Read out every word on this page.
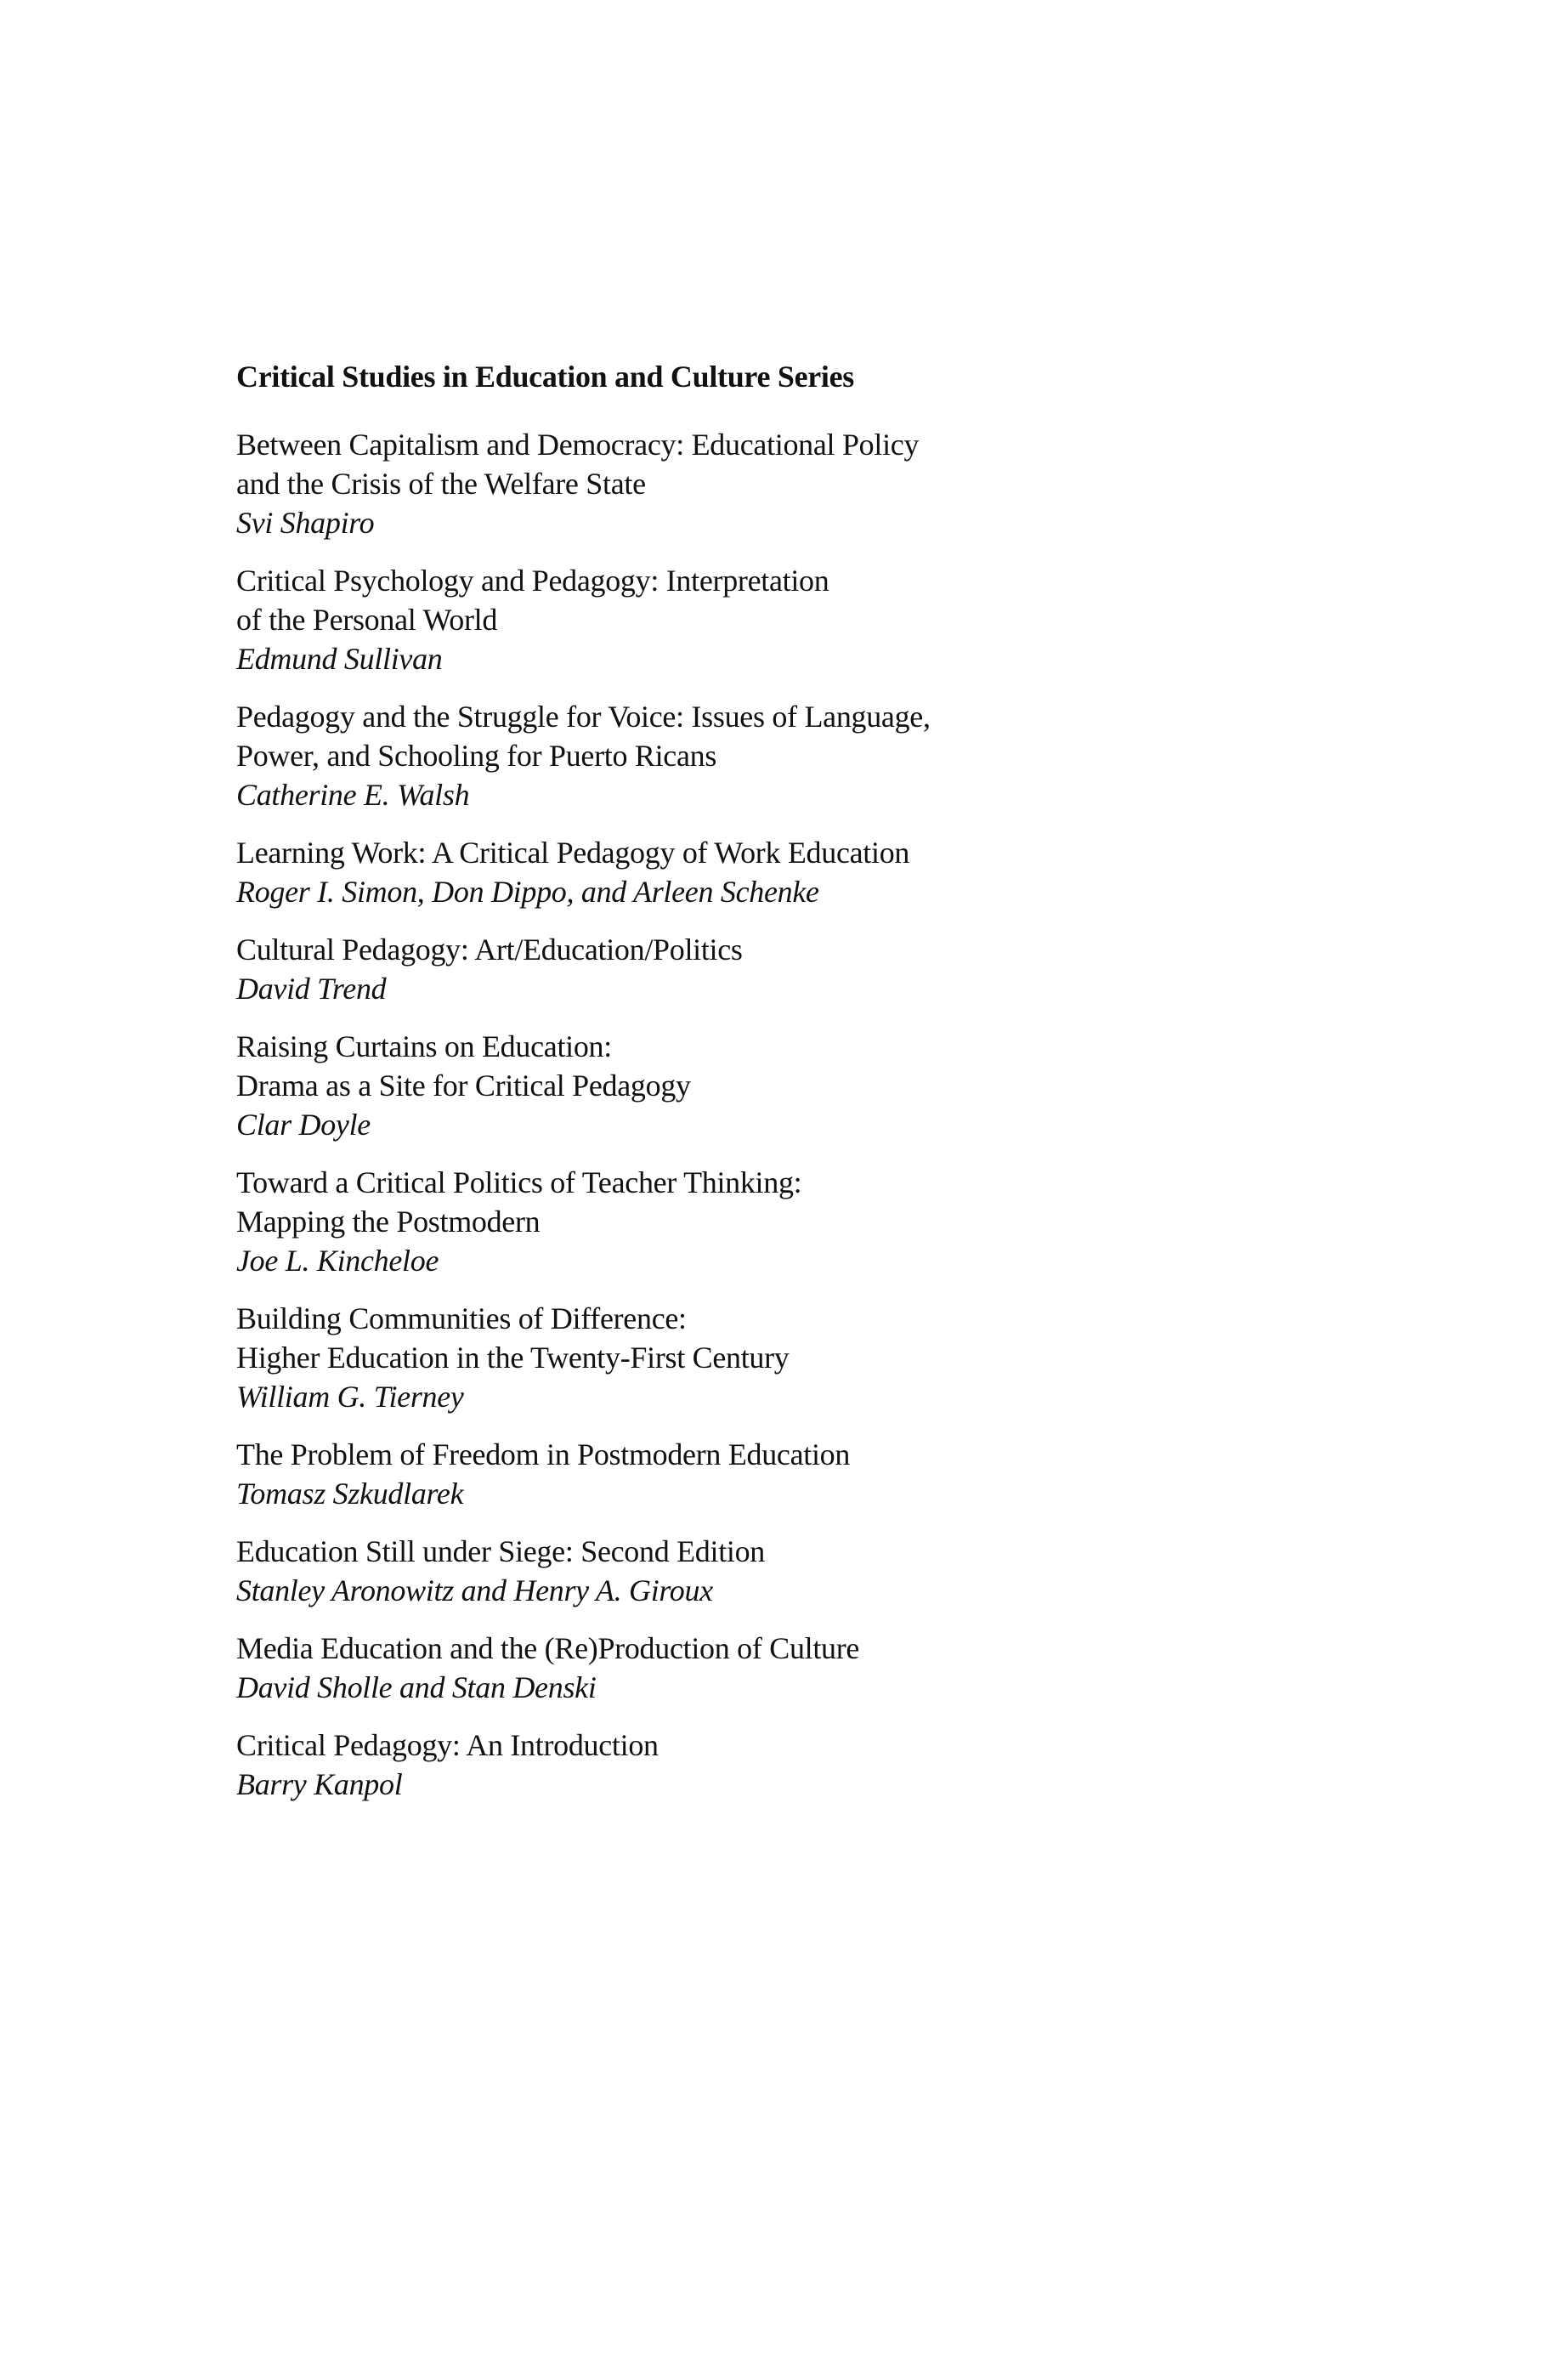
Critical Studies in Education and Culture Series
Between Capitalism and Democracy: Educational Policy
and the Crisis of the Welfare State
Svi Shapiro
Critical Psychology and Pedagogy: Interpretation
of the Personal World
Edmund Sullivan
Pedagogy and the Struggle for Voice: Issues of Language,
Power, and Schooling for Puerto Ricans
Catherine E. Walsh
Learning Work: A Critical Pedagogy of Work Education
Roger I. Simon, Don Dippo, and Arleen Schenke
Cultural Pedagogy: Art/Education/Politics
David Trend
Raising Curtains on Education:
Drama as a Site for Critical Pedagogy
Clar Doyle
Toward a Critical Politics of Teacher Thinking:
Mapping the Postmodern
Joe L. Kincheloe
Building Communities of Difference:
Higher Education in the Twenty-First Century
William G. Tierney
The Problem of Freedom in Postmodern Education
Tomasz Szkudlarek
Education Still under Siege: Second Edition
Stanley Aronowitz and Henry A. Giroux
Media Education and the (Re)Production of Culture
David Sholle and Stan Denski
Critical Pedagogy: An Introduction
Barry Kanpol
